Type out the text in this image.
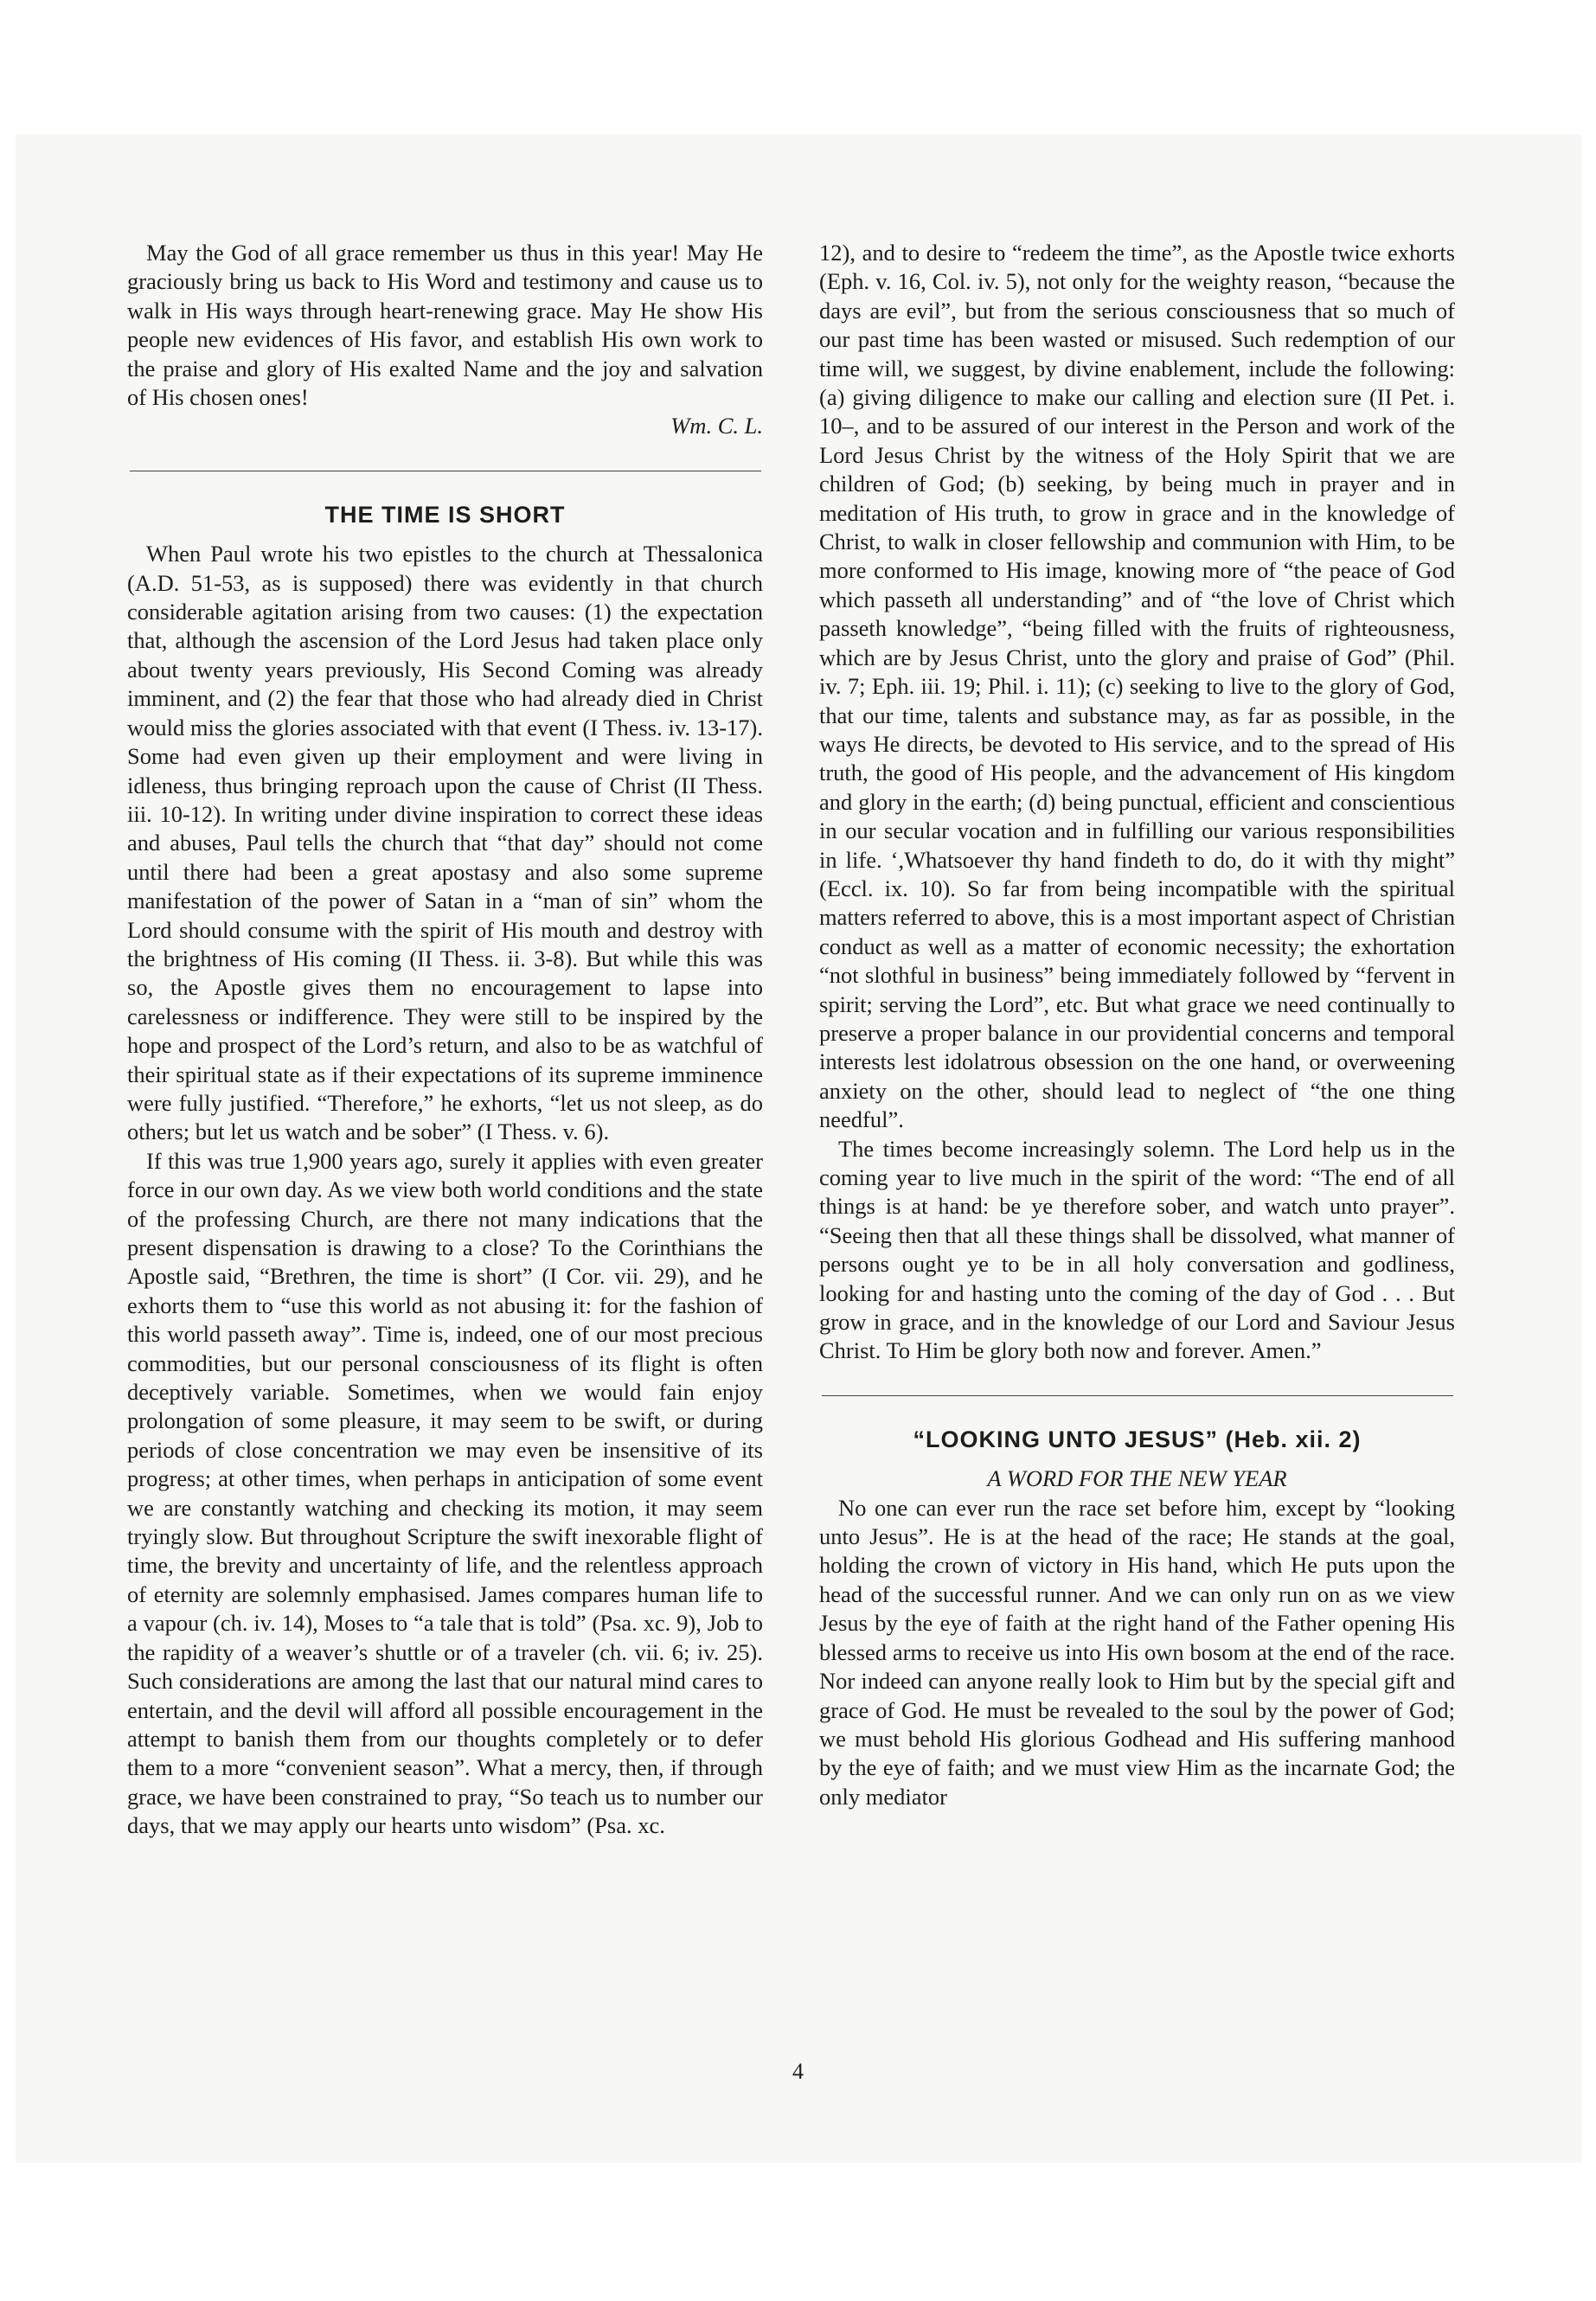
May the God of all grace remember us thus in this year! May He graciously bring us back to His Word and testimony and cause us to walk in His ways through heart-renewing grace. May He show His people new evidences of His favor, and establish His own work to the praise and glory of His exalted Name and the joy and salvation of His chosen ones!

Wm. C. L.

THE TIME IS SHORT

When Paul wrote his two epistles to the church at Thessalonica (A.D. 51-53, as is supposed) there was evidently in that church considerable agitation arising from two causes: (1) the expectation that, although the ascension of the Lord Jesus had taken place only about twenty years previously, His Second Coming was already imminent, and (2) the fear that those who had already died in Christ would miss the glories associated with that event (I Thess. iv. 13-17). Some had even given up their employment and were living in idleness, thus bringing reproach upon the cause of Christ (II Thess. iii. 10-12). In writing under divine inspiration to correct these ideas and abuses, Paul tells the church that “that day” should not come until there had been a great apostasy and also some supreme manifestation of the power of Satan in a “man of sin” whom the Lord should consume with the spirit of His mouth and destroy with the brightness of His coming (II Thess. ii. 3-8). But while this was so, the Apostle gives them no encouragement to lapse into carelessness or indifference. They were still to be inspired by the hope and prospect of the Lord’s return, and also to be as watchful of their spiritual state as if their expectations of its supreme imminence were fully justified. “Therefore,” he exhorts, “let us not sleep, as do others; but let us watch and be sober” (I Thess. v. 6).

If this was true 1,900 years ago, surely it applies with even greater force in our own day. As we view both world conditions and the state of the professing Church, are there not many indications that the present dispensation is drawing to a close? To the Corinthians the Apostle said, “Brethren, the time is short” (I Cor. vii. 29), and he exhorts them to “use this world as not abusing it: for the fashion of this world passeth away”. Time is, indeed, one of our most precious commodities, but our personal consciousness of its flight is often deceptively variable. Sometimes, when we would fain enjoy prolongation of some pleasure, it may seem to be swift, or during periods of close concentration we may even be insensitive of its progress; at other times, when perhaps in anticipation of some event we are constantly watching and checking its motion, it may seem tryingly slow. But throughout Scripture the swift inexorable flight of time, the brevity and uncertainty of life, and the relentless approach of eternity are solemnly emphasised. James compares human life to a vapour (ch. iv. 14), Moses to “a tale that is told” (Psa. xc. 9), Job to the rapidity of a weaver’s shuttle or of a traveler (ch. vii. 6; iv. 25). Such considerations are among the last that our natural mind cares to entertain, and the devil will afford all possible encouragement in the attempt to banish them from our thoughts completely or to defer them to a more “convenient season”. What a mercy, then, if through grace, we have been constrained to pray, “So teach us to number our days, that we may apply our hearts unto wisdom” (Psa. xc.

12), and to desire to “redeem the time”, as the Apostle twice exhorts (Eph. v. 16, Col. iv. 5), not only for the weighty reason, “because the days are evil”, but from the serious consciousness that so much of our past time has been wasted or misused. Such redemption of our time will, we suggest, by divine enablement, include the following: (a) giving diligence to make our calling and election sure (II Pet. i. 10–, and to be assured of our interest in the Person and work of the Lord Jesus Christ by the witness of the Holy Spirit that we are children of God; (b) seeking, by being much in prayer and in meditation of His truth, to grow in grace and in the knowledge of Christ, to walk in closer fellowship and communion with Him, to be more conformed to His image, knowing more of “the peace of God which passeth all understanding” and of “the love of Christ which passeth knowledge”, “being filled with the fruits of righteousness, which are by Jesus Christ, unto the glory and praise of God” (Phil. iv. 7; Eph. iii. 19; Phil. i. 11); (c) seeking to live to the glory of God, that our time, talents and substance may, as far as possible, in the ways He directs, be devoted to His service, and to the spread of His truth, the good of His people, and the advancement of His kingdom and glory in the earth; (d) being punctual, efficient and conscientious in our secular vocation and in fulfilling our various responsibilities in life. ‘,Whatsoever thy hand findeth to do, do it with thy might” (Eccl. ix. 10). So far from being incompatible with the spiritual matters referred to above, this is a most important aspect of Christian conduct as well as a matter of economic necessity; the exhortation “not slothful in business” being immediately followed by “fervent in spirit; serving the Lord”, etc. But what grace we need continually to preserve a proper balance in our providential concerns and temporal interests lest idolatrous obsession on the one hand, or overweening anxiety on the other, should lead to neglect of “the one thing needful”.

The times become increasingly solemn. The Lord help us in the coming year to live much in the spirit of the word: “The end of all things is at hand: be ye therefore sober, and watch unto prayer”. “Seeing then that all these things shall be dissolved, what manner of persons ought ye to be in all holy conversation and godliness, looking for and hasting unto the coming of the day of God . . . But grow in grace, and in the knowledge of our Lord and Saviour Jesus Christ. To Him be glory both now and forever. Amen.”

“LOOKING UNTO JESUS” (Heb. xii. 2)

A WORD FOR THE NEW YEAR

No one can ever run the race set before him, except by “looking unto Jesus”. He is at the head of the race; He stands at the goal, holding the crown of victory in His hand, which He puts upon the head of the successful runner. And we can only run on as we view Jesus by the eye of faith at the right hand of the Father opening His blessed arms to receive us into His own bosom at the end of the race. Nor indeed can anyone really look to Him but by the special gift and grace of God. He must be revealed to the soul by the power of God; we must behold His glorious Godhead and His suffering manhood by the eye of faith; and we must view Him as the incarnate God; the only mediator

4
